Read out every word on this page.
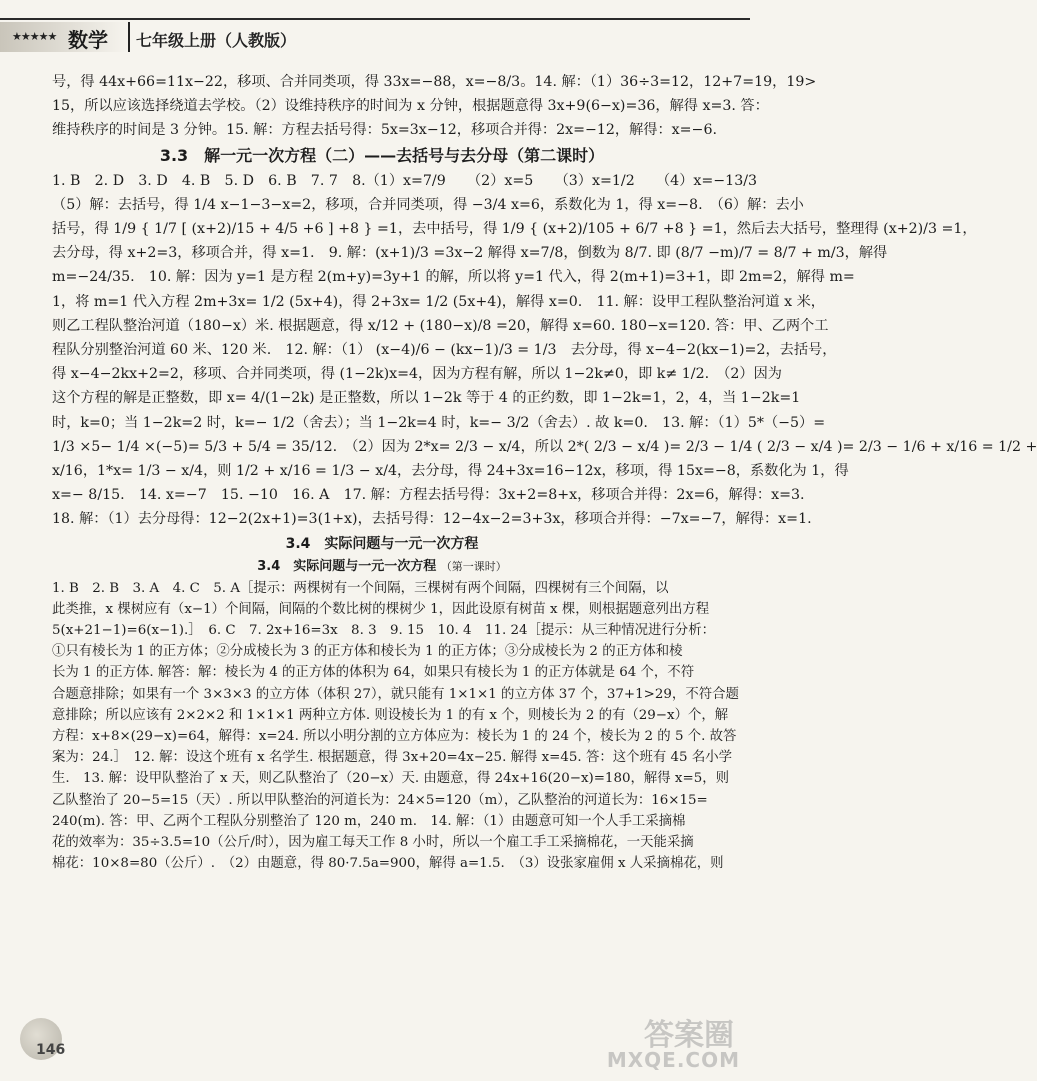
★★★★★ 数学 七年级上册（人教版）

号，得 44x+66=11x−22，移项、合并同类项，得 33x=−88，x=−8/3。14. 解：（1）36÷3=12，12+7=19，19>

15，所以应该选择绕道去学校。（2）设维持秩序的时间为 x 分钟，根据题意得 3x+9(6−x)=36，解得 x=3. 答：

维持秩序的时间是 3 分钟。15. 解：方程去括号得：5x=3x−12，移项合并得：2x=−12，解得：x=−6.

3.3　解一元一次方程（二）——去括号与去分母（第二课时）

1. B　2. D　3. D　4. B　5. D　6. B　7. 7　8.（1）x=7/9　　（2）x=5　　（3）x=1/2　　（4）x=−13/3

（5）解：去括号，得 1/4 x−1−3−x=2，移项，合并同类项，得 −3/4 x=6，系数化为 1，得 x=−8.　（6）解：去小

括号，得 1/9 { 1/7 [ (x+2)/15 + 4/5 +6 ] +8 } =1，去中括号，得 1/9 { (x+2)/105 + 6/7 +8 } =1，然后去大括号，整理得 (x+2)/3 =1，

去分母，得 x+2=3，移项合并，得 x=1.　9. 解：(x+1)/3 =3x−2 解得 x=7/8，倒数为 8/7. 即 (8/7 −m)/7 = 8/7 + m/3，解得

m=−24/35.　10. 解：因为 y=1 是方程 2(m+y)=3y+1 的解，所以将 y=1 代入，得 2(m+1)=3+1，即 2m=2，解得 m=

1，将 m=1 代入方程 2m+3x= 1/2 (5x+4)，得 2+3x= 1/2 (5x+4)，解得 x=0.　11. 解：设甲工程队整治河道 x 米，

则乙工程队整治河道（180−x）米. 根据题意，得 x/12 + (180−x)/8 =20，解得 x=60. 180−x=120. 答：甲、乙两个工

程队分别整治河道 60 米、120 米.　12. 解：（1） (x−4)/6 − (kx−1)/3 = 1/3　去分母，得 x−4−2(kx−1)=2，去括号，

得 x−4−2kx+2=2，移项、合并同类项，得 (1−2k)x=4，因为方程有解，所以 1−2k≠0，即 k≠ 1/2.　（2）因为

这个方程的解是正整数，即 x= 4/(1−2k) 是正整数，所以 1−2k 等于 4 的正约数，即 1−2k=1，2，4，当 1−2k=1

时，k=0；当 1−2k=2 时，k=− 1/2（舍去）；当 1−2k=4 时，k=− 3/2（舍去）. 故 k=0.　13. 解：（1）5*（−5）=

1/3 ×5− 1/4 ×(−5)= 5/3 + 5/4 = 35/12.　（2）因为 2*x= 2/3 − x/4，所以 2*( 2/3 − x/4 )= 2/3 − 1/4 ( 2/3 − x/4 )= 2/3 − 1/6 + x/16 = 1/2 +

x/16，1*x= 1/3 − x/4，则 1/2 + x/16 = 1/3 − x/4，去分母，得 24+3x=16−12x，移项，得 15x=−8，系数化为 1，得

x=− 8/15.　14. x=−7　15. −10　16. A　17. 解：方程去括号得：3x+2=8+x，移项合并得：2x=6，解得：x=3.

18. 解：（1）去分母得：12−2(2x+1)=3(1+x)，去括号得：12−4x−2=3+3x，移项合并得：−7x=−7，解得：x=1.

3.4　实际问题与一元一次方程

3.4　实际问题与一元一次方程 （第一课时）

1. B　2. B　3. A　4. C　5. A［提示：两棵树有一个间隔，三棵树有两个间隔，四棵树有三个间隔，以

此类推，x 棵树应有（x−1）个间隔，间隔的个数比树的棵树少 1，因此设原有树苗 x 棵，则根据题意列出方程

5(x+21−1)=6(x−1).］　6. C　7. 2x+16=3x　8. 3　9. 15　10. 4　11. 24［提示：从三种情况进行分析：

①只有棱长为 1 的正方体；②分成棱长为 3 的正方体和棱长为 1 的正方体；③分成棱长为 2 的正方体和棱

长为 1 的正方体. 解答：解：棱长为 4 的正方体的体积为 64，如果只有棱长为 1 的正方体就是 64 个，不符

合题意排除；如果有一个 3×3×3 的立方体（体积 27），就只能有 1×1×1 的立方体 37 个，37+1>29，不符合题

意排除；所以应该有 2×2×2 和 1×1×1 两种立方体. 则设棱长为 1 的有 x 个，则棱长为 2 的有（29−x）个，解

方程：x+8×(29−x)=64，解得：x=24. 所以小明分割的立方体应为：棱长为 1 的 24 个，棱长为 2 的 5 个. 故答

案为：24.］　12. 解：设这个班有 x 名学生. 根据题意，得 3x+20=4x−25. 解得 x=45. 答：这个班有 45 名小学

生.　13. 解：设甲队整治了 x 天，则乙队整治了（20−x）天. 由题意，得 24x+16(20−x)=180，解得 x=5，则

乙队整治了 20−5=15（天）. 所以甲队整治的河道长为：24×5=120（m），乙队整治的河道长为：16×15=

240(m). 答：甲、乙两个工程队分别整治了 120 m，240 m.　14. 解：（1）由题意可知一个人手工采摘棉

花的效率为：35÷3.5=10（公斤/时），因为雇工每天工作 8 小时，所以一个雇工手工采摘棉花，一天能采摘

棉花：10×8=80（公斤）.　（2）由题意，得 80·7.5a=900，解得 a=1.5.　（3）设张家雇佣 x 人采摘棉花，则

146	答案圈
MXQE.COM
